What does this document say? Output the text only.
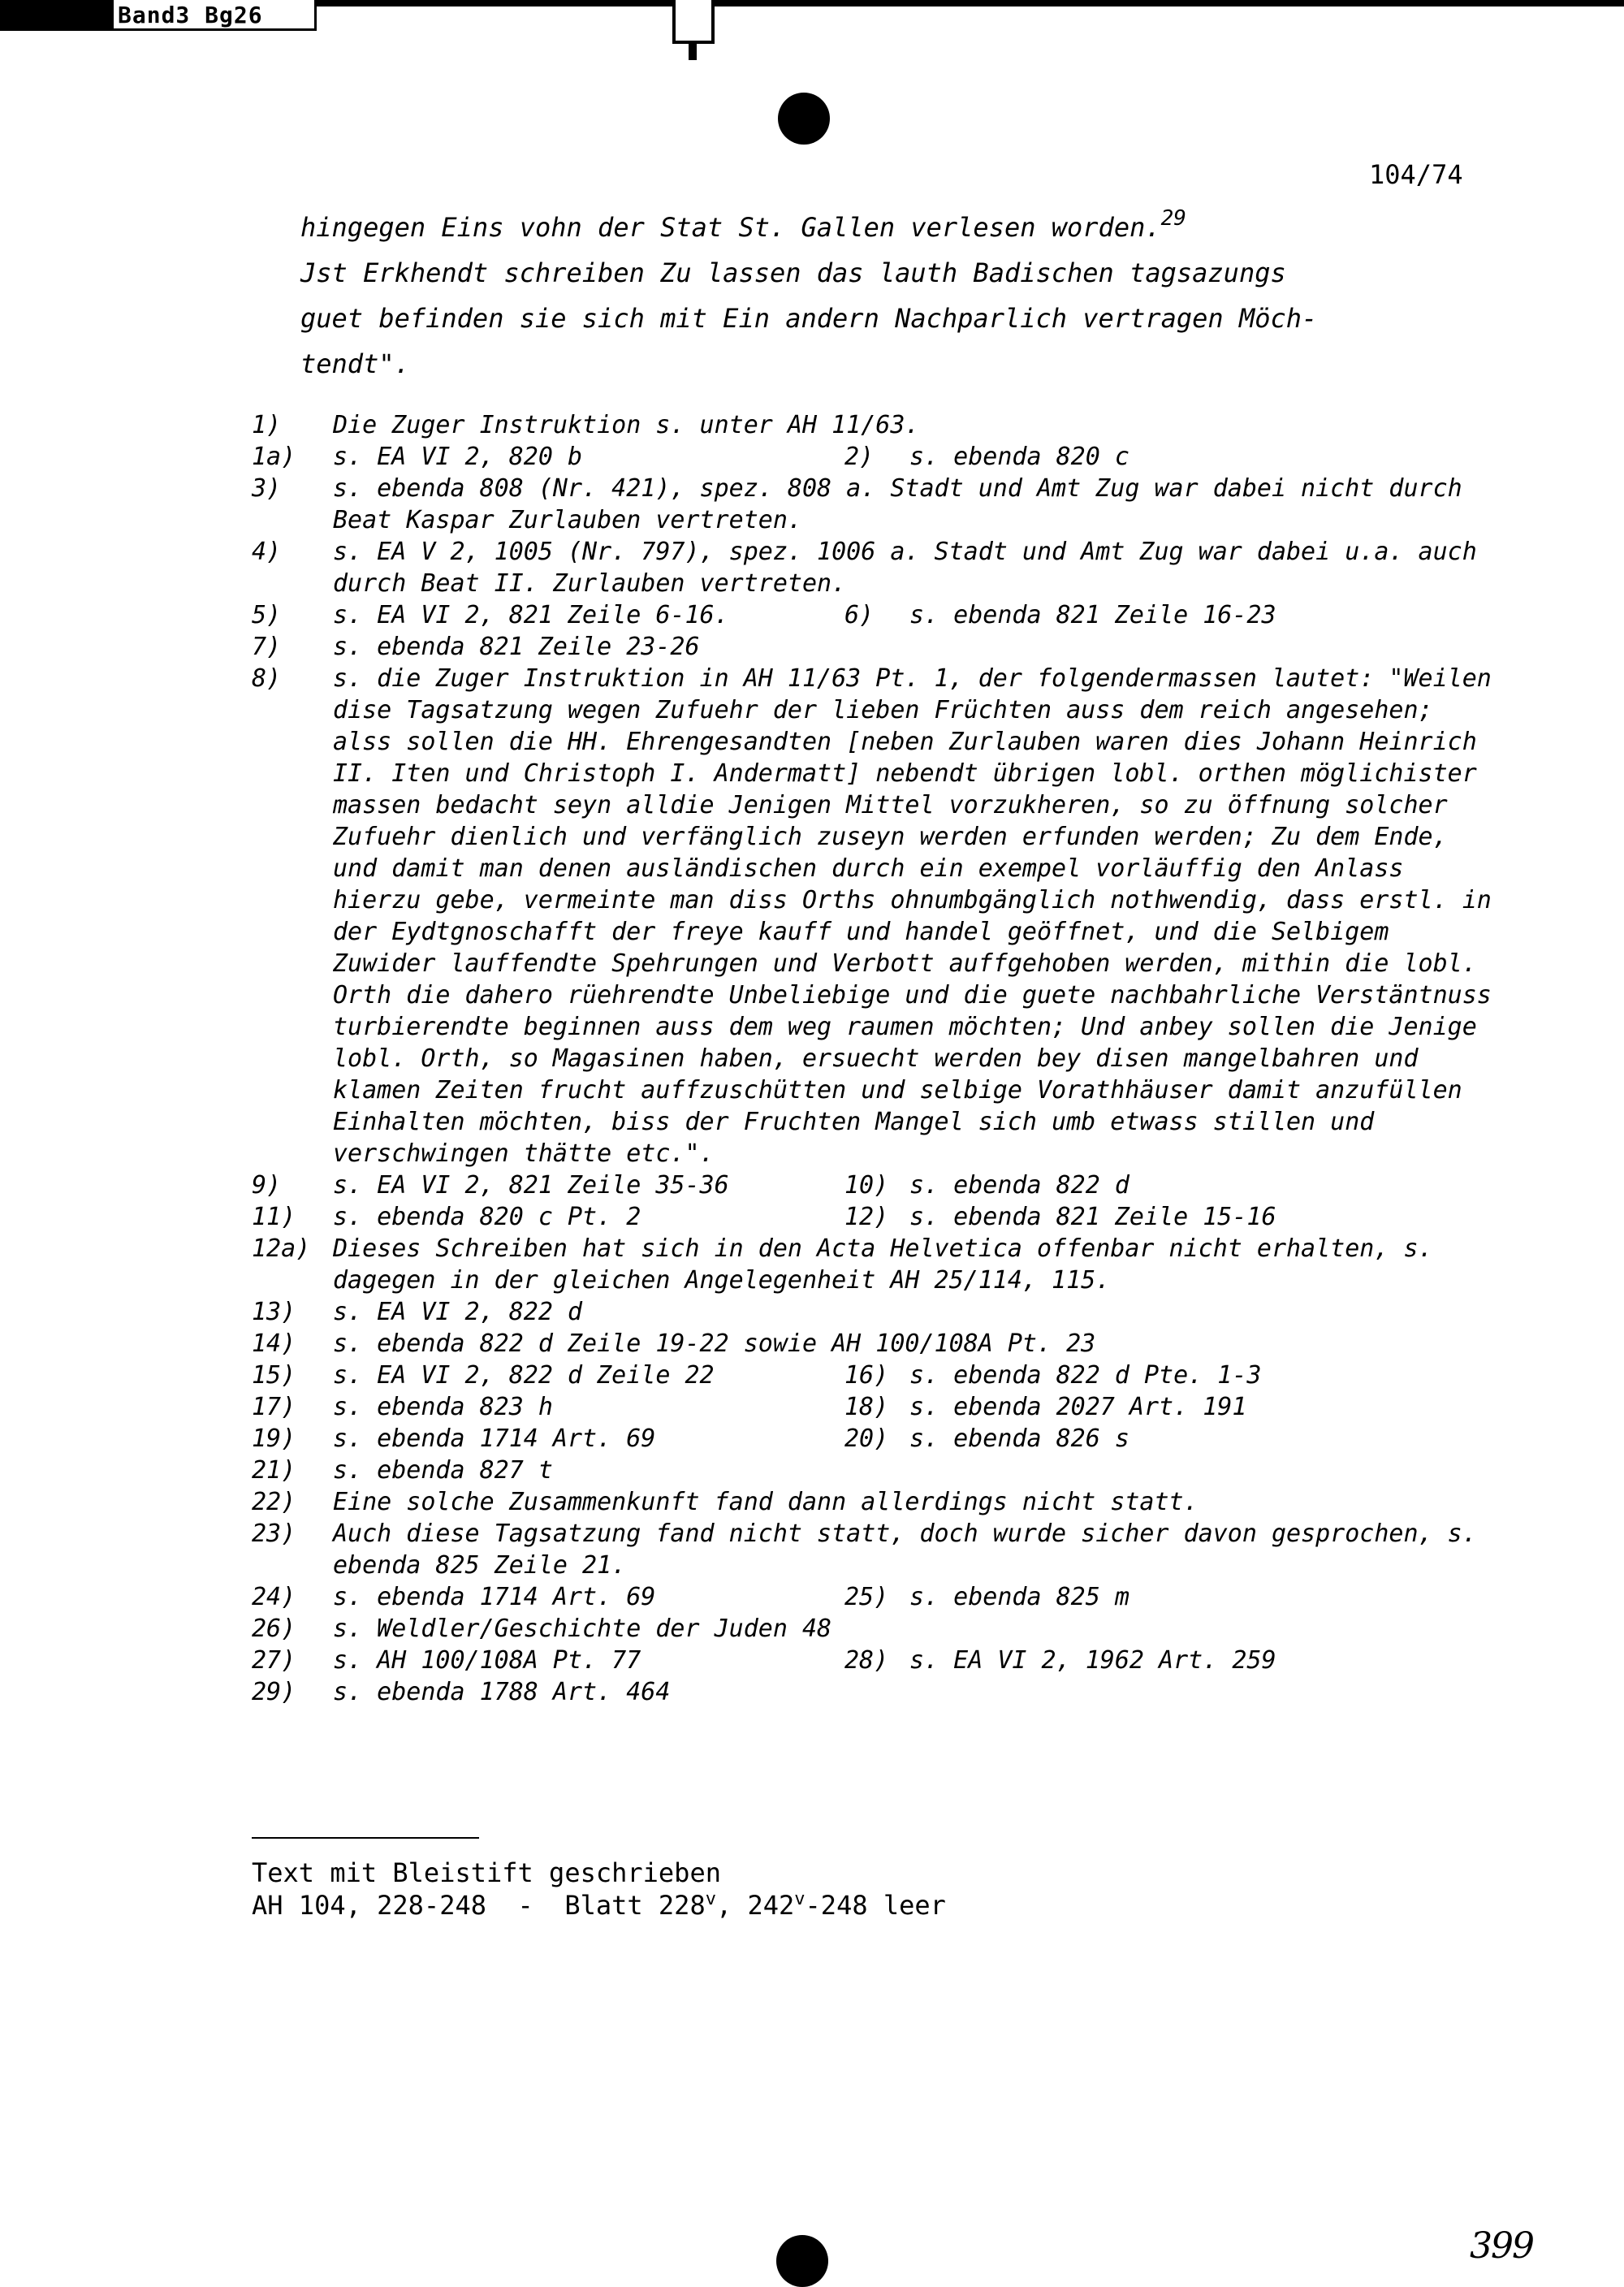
Band3 Bg26
104/74
hingegen Eins vohn der Stat St. Gallen verlesen worden.$^{29}$
Jst Erkhendt schreiben Zu lassen das lauth Badischen tagsazungs
guet befinden sie sich mit Ein andern Nachparlich vertragen Möch-
tendt".
1)	Die Zuger Instruktion s. unter AH 11/63.
1a)	s. EA VI 2, 820 b	2)	s. ebenda 820 c
3)	s. ebenda 808 (Nr. 421), spez. 808 a. Stadt und Amt Zug war dabei nicht durch Beat Kaspar Zurlauben vertreten.
4)	s. EA V 2, 1005 (Nr. 797), spez. 1006 a. Stadt und Amt Zug war dabei u.a. auch durch Beat II. Zurlauben vertreten.
5)	s. EA VI 2, 821 Zeile 6-16.	6)	s. ebenda 821 Zeile 16-23
7)	s. ebenda 821 Zeile 23-26
8)	s. die Zuger Instruktion in AH 11/63 Pt. 1, der folgendermassen lautet: "Weilen dise Tagsatzung wegen Zufuehr der lieben Früchten auss dem reich angesehen; alss sollen die HH. Ehrengesandten [neben Zurlauben waren dies Johann Heinrich II. Iten und Christoph I. Andermatt] nebendt übrigen lobl. orthen möglichister massen bedacht seyn alldie Jenigen Mittel vorzukheren, so zu öffnung solcher Zufuehr dienlich und verfänglich zuseyn werden erfunden werden; Zu dem Ende, und damit man denen ausländischen durch ein exempel vorläuffig den Anlass hierzu gebe, vermeinte man diss Orths ohnumbgänglich nothwendig, dass erstl. in der Eydtgnoschafft der freye kauff und handel geöffnet, und die Selbigem Zuwider lauffendte Spehrungen und Verbott auffgehoben werden, mithin die lobl. Orth die dahero rüehrendte Unbeliebige und die guete nachbahrliche Verstäntnuss turbierendte beginnen auss dem weg raumen möchten; Und anbey sollen die Jenige lobl. Orth, so Magasinen haben, ersuecht werden bey disen mangelbahren und klamen Zeiten frucht auffzuschütten und selbige Vorathhäuser damit anzufüllen Einhalten möchten, biss der Fruchten Mangel sich umb etwass stillen und verschwingen thätte etc.".
9)	s. EA VI 2, 821 Zeile 35-36	10) s. ebenda 822 d
11)	s. ebenda 820 c Pt. 2	12) s. ebenda 821 Zeile 15-16
12a) Dieses Schreiben hat sich in den Acta Helvetica offenbar nicht erhalten, s. dagegen in der gleichen Angelegenheit AH 25/114, 115.
13)	s. EA VI 2, 822 d
14)	s. ebenda 822 d Zeile 19-22 sowie AH 100/108A Pt. 23
15)	s. EA VI 2, 822 d Zeile 22	16) s. ebenda 822 d Pte. 1-3
17)	s. ebenda 823 h	18) s. ebenda 2027 Art. 191
19)	s. ebenda 1714 Art. 69	20) s. ebenda 826 s
21)	s. ebenda 827 t
22)	Eine solche Zusammenkunft fand dann allerdings nicht statt.
23)	Auch diese Tagsatzung fand nicht statt, doch wurde sicher davon gesprochen, s. ebenda 825 Zeile 21.
24)	s. ebenda 1714 Art. 69	25) s. ebenda 825 m
26)	s. Weldler/Geschichte der Juden 48
27)	s. AH 100/108A Pt. 77	28) s. EA VI 2, 1962 Art. 259
29)	s. ebenda 1788 Art. 464
Text mit Bleistift geschrieben
AH 104, 228-248  -  Blatt 228$^v$, 242$^v$-248 leer
399
